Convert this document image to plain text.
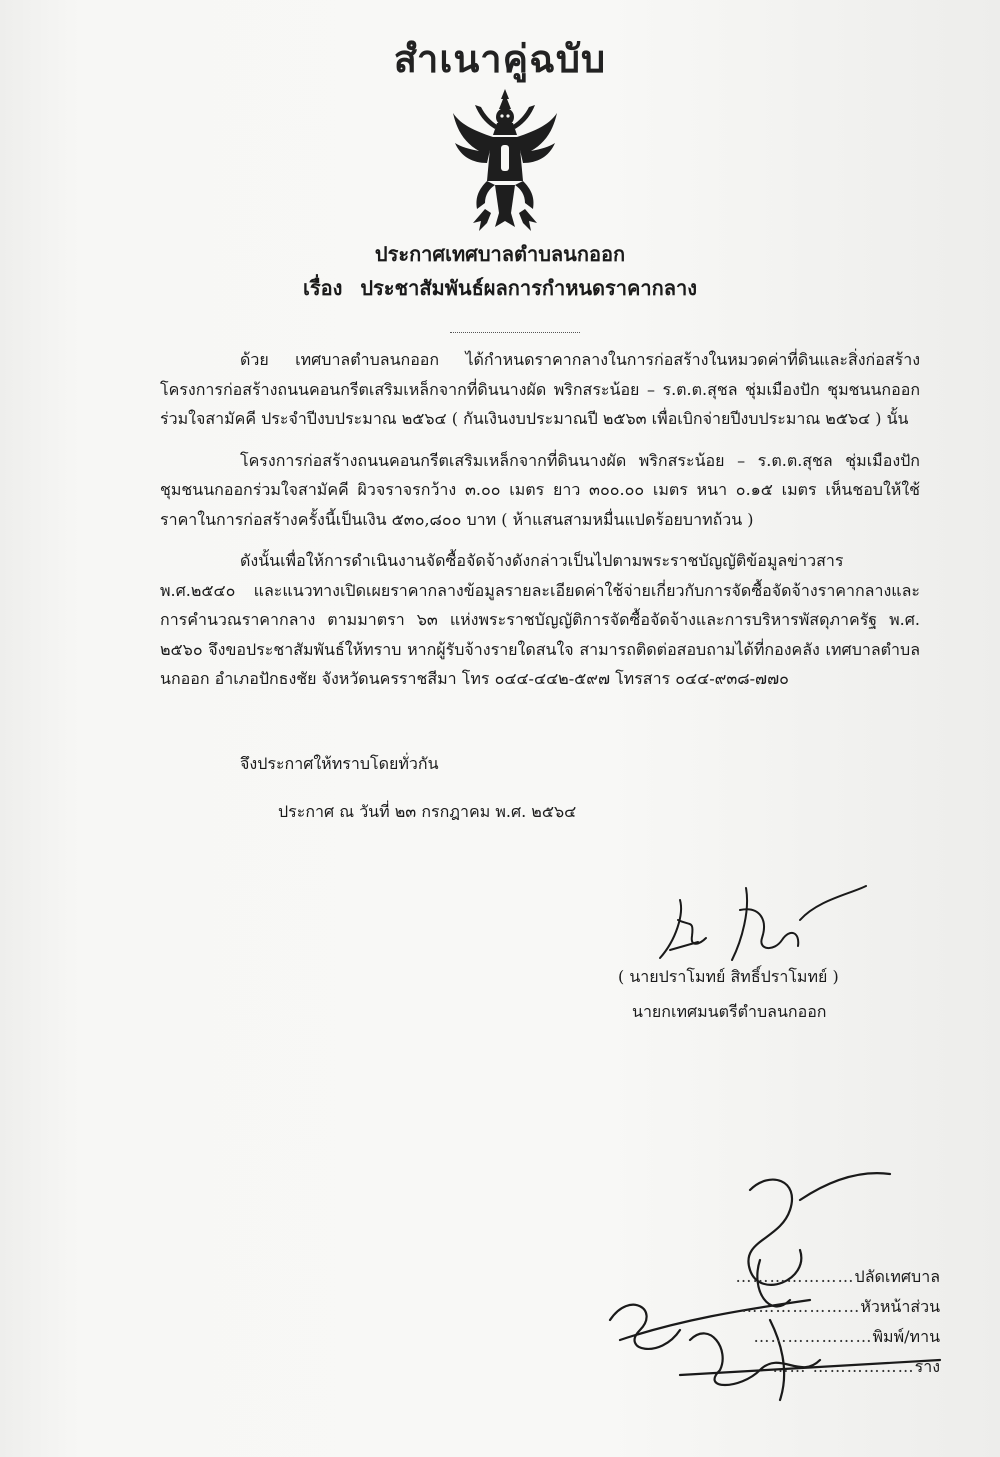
สำเนาคู่ฉบับ
ประกาศเทศบาลตำบลนกออก
เรื่อง ประชาสัมพันธ์ผลการกำหนดราคากลาง

ด้วย เทศบาลตำบลนกออก ได้กำหนดราคากลางในการก่อสร้างในหมวดค่าที่ดินและสิ่งก่อสร้าง โครงการก่อสร้างถนนคอนกรีตเสริมเหล็กจากที่ดินนางผัด พริกสระน้อย – ร.ต.ต.สุชล ชุ่มเมืองปัก ชุมชนนกออกร่วมใจสามัคคี ประจำปีงบประมาณ ๒๕๖๔ ( กันเงินงบประมาณปี ๒๕๖๓ เพื่อเบิกจ่ายปีงบประมาณ ๒๕๖๔ ) นั้น

โครงการก่อสร้างถนนคอนกรีตเสริมเหล็กจากที่ดินนางผัด พริกสระน้อย – ร.ต.ต.สุชล ชุ่มเมืองปัก ชุมชนนกออกร่วมใจสามัคคี ผิวจราจรกว้าง ๓.๐๐ เมตร ยาว ๓๐๐.๐๐ เมตร หนา ๐.๑๕ เมตร เห็นชอบให้ใช้ราคาในการก่อสร้างครั้งนี้เป็นเงิน ๕๓๐,๘๐๐ บาท ( ห้าแสนสามหมื่นแปดร้อยบาทถ้วน )

ดังนั้นเพื่อให้การดำเนินงานจัดซื้อจัดจ้างดังกล่าวเป็นไปตามพระราชบัญญัติข้อมูลข่าวสาร พ.ศ.๒๕๔๐ และแนวทางเปิดเผยราคากลางข้อมูลรายละเอียดค่าใช้จ่ายเกี่ยวกับการจัดซื้อจัดจ้างราคากลางและการคำนวณราคากลาง ตามมาตรา ๖๓ แห่งพระราชบัญญัติการจัดซื้อจัดจ้างและการบริหารพัสดุภาครัฐ พ.ศ. ๒๕๖๐ จึงขอประชาสัมพันธ์ให้ทราบ หากผู้รับจ้างรายใดสนใจ สามารถติดต่อสอบถามได้ที่กองคลัง เทศบาลตำบลนกออก อำเภอปักธงชัย จังหวัดนครราชสีมา โทร ๐๔๔-๔๔๒-๕๙๗ โทรสาร ๐๔๔-๙๓๘-๗๗๐

จึงประกาศให้ทราบโดยทั่วกัน
ประกาศ ณ วันที่ ๒๓ กรกฎาคม พ.ศ. ๒๕๖๔
( นายปราโมทย์ สิทธิ์ปราโมทย์ )
นายกเทศมนตรีตำบลนกออก
…………………ปลัดเทศบาล
…………………หัวหน้าส่วน
…………………พิมพ์/ทาน
…… ………………ราง
